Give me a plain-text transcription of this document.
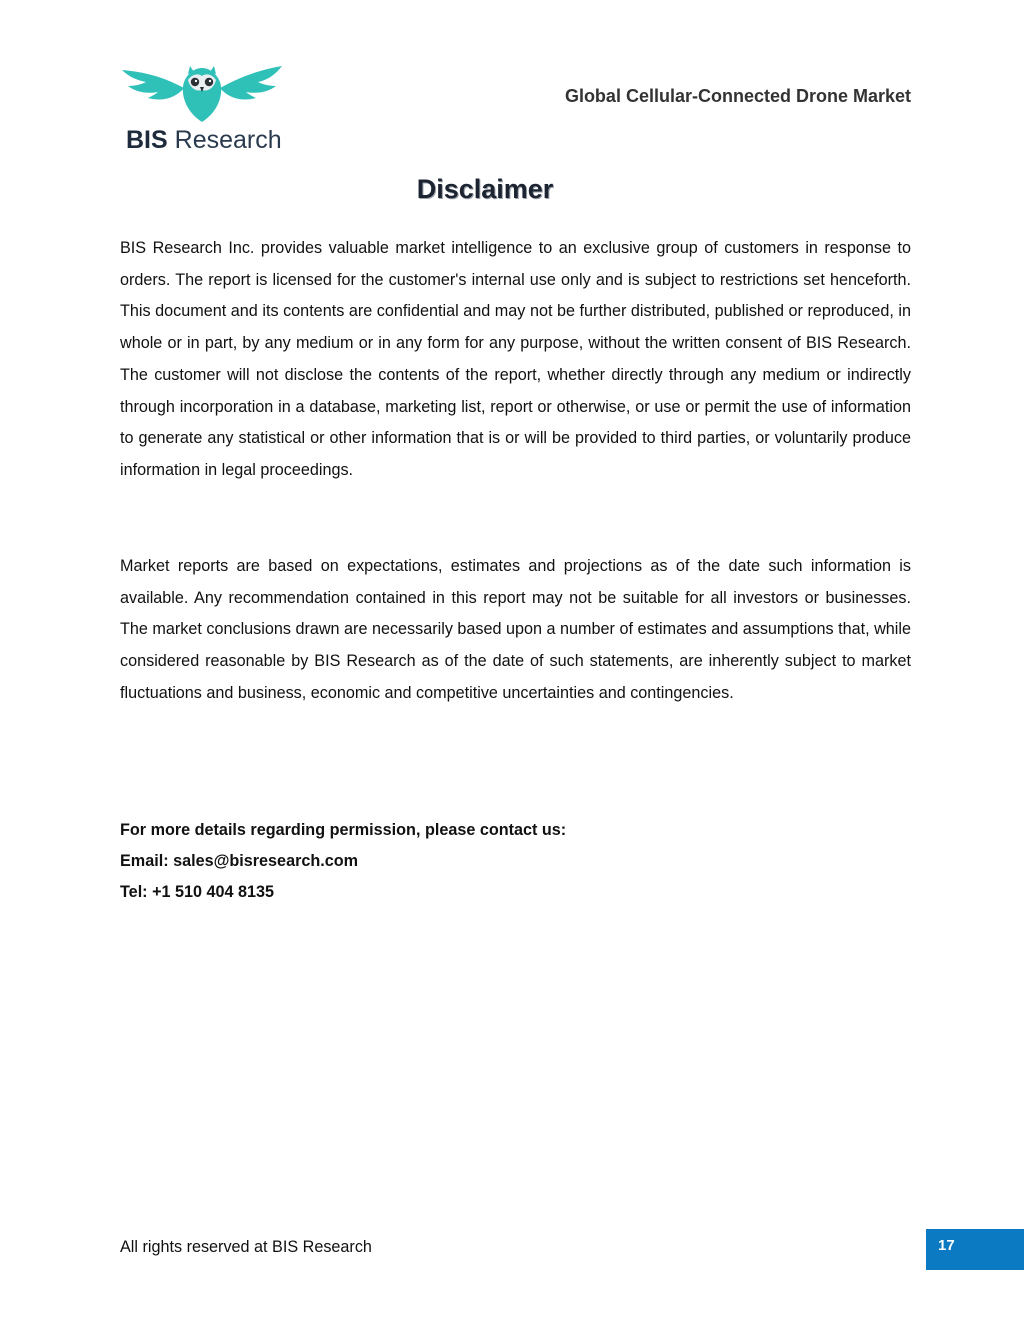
BIS Research
Global Cellular-Connected Drone Market
Disclaimer
BIS Research Inc. provides valuable market intelligence to an exclusive group of customers in response to orders. The report is licensed for the customer's internal use only and is subject to restrictions set henceforth. This document and its contents are confidential and may not be further distributed, published or reproduced, in whole or in part, by any medium or in any form for any purpose, without the written consent of BIS Research. The customer will not disclose the contents of the report, whether directly through any medium or indirectly through incorporation in a database, marketing list, report or otherwise, or use or permit the use of information to generate any statistical or other information that is or will be provided to third parties, or voluntarily produce information in legal proceedings.
Market reports are based on expectations, estimates and projections as of the date such information is available. Any recommendation contained in this report may not be suitable for all investors or businesses. The market conclusions drawn are necessarily based upon a number of estimates and assumptions that, while considered reasonable by BIS Research as of the date of such statements, are inherently subject to market fluctuations and business, economic and competitive uncertainties and contingencies.
For more details regarding permission, please contact us:
Email: sales@bisresearch.com
Tel: +1 510 404 8135
All rights reserved at BIS Research	17
